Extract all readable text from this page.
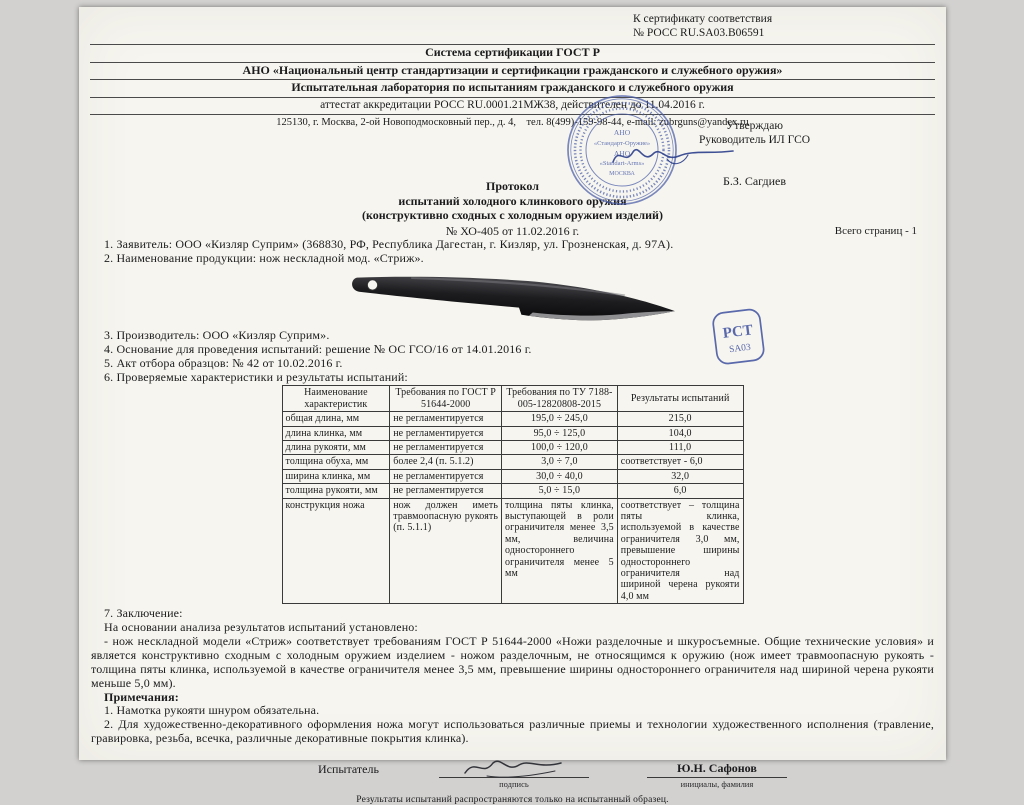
К сертификату соответствия
№ РОСС RU.SA03.B06591
Система сертификации ГОСТ Р
АНО «Национальный центр стандартизации и сертификации гражданского и служебного оружия»
Испытательная лаборатория по испытаниям гражданского и служебного оружия
аттестат аккредитации РОСС RU.0001.21МЖ38, действителен до 11.04.2016 г.
125130, г. Москва, 2-ой Новоподмосковный пер., д. 4,    тел. 8(499)-159-98-44, e-mail: zubrguns@yandex.ru
АНО
«Стандарт-Оружие»
АНО
«Standart-Arms»
МОСКВА
Утверждаю
Руководитель ИЛ ГСО
Б.З. Сагдиев
РСТ
SA03
Протокол
испытаний холодного клинкового оружия
(конструктивно сходных с холодным оружием изделий)
№ ХО-405 от 11.02.2016 г.	Всего страниц - 1
1. Заявитель: ООО «Кизляр Суприм» (368830, РФ, Республика Дагестан, г. Кизляр, ул. Грозненская, д. 97А).
2. Наименование продукции: нож нескладной мод. «Стриж».
3. Производитель: ООО «Кизляр Суприм».
4. Основание для проведения испытаний: решение № ОС ГСО/16 от 14.01.2016 г.
5. Акт отбора образцов: № 42 от 10.02.2016 г.
6. Проверяемые характеристики и результаты испытаний:
Наименование характеристик	Требования по ГОСТ Р 51644-2000	Требования по ТУ 7188-005-12820808-2015	Результаты испытаний
общая длина, мм	не регламентируется	195,0 ÷ 245,0	215,0
длина клинка, мм	не регламентируется	95,0 ÷ 125,0	104,0
длина рукояти, мм	не регламентируется	100,0 ÷ 120,0	111,0
толщина обуха, мм	более 2,4 (п. 5.1.2)	3,0 ÷ 7,0	соответствует - 6,0
ширина клинка, мм	не регламентируется	30,0 ÷ 40,0	32,0
толщина рукояти, мм	не регламентируется	5,0 ÷ 15,0	6,0
конструкция ножа	нож должен иметь травмоопасную рукоять (п. 5.1.1)	толщина пяты клинка, выступающей в роли ограничителя менее 3,5 мм, величина одностороннего ограничителя менее 5 мм	соответствует – толщина пяты клинка, используемой в качестве ограничителя 3,0 мм, превышение ширины одностороннего ограничителя над шириной черена рукояти 4,0 мм
7. Заключение:
На основании анализа результатов испытаний установлено:
- нож нескладной модели «Стриж» соответствует требованиям ГОСТ Р 51644-2000 «Ножи разделочные и шкуросъемные. Общие технические условия» и является конструктивно сходным с холодным оружием изделием - ножом разделочным, не относящимся к оружию (нож имеет травмоопасную рукоять - толщина пяты клинка, используемой в качестве ограничителя менее 3,5 мм, превышение ширины одностороннего ограничителя над шириной черена рукояти меньше 5,0 мм).
Примечания:
1. Намотка рукояти шнуром обязательна.
2. Для художественно-декоративного оформления ножа могут использоваться различные приемы и технологии художественного исполнения (травление, гравировка, резьба, всечка, различные декоративные покрытия клинка).
Испытатель
подпись
Ю.Н. Сафонов
инициалы, фамилия
Результаты испытаний распространяются только на испытанный образец.
